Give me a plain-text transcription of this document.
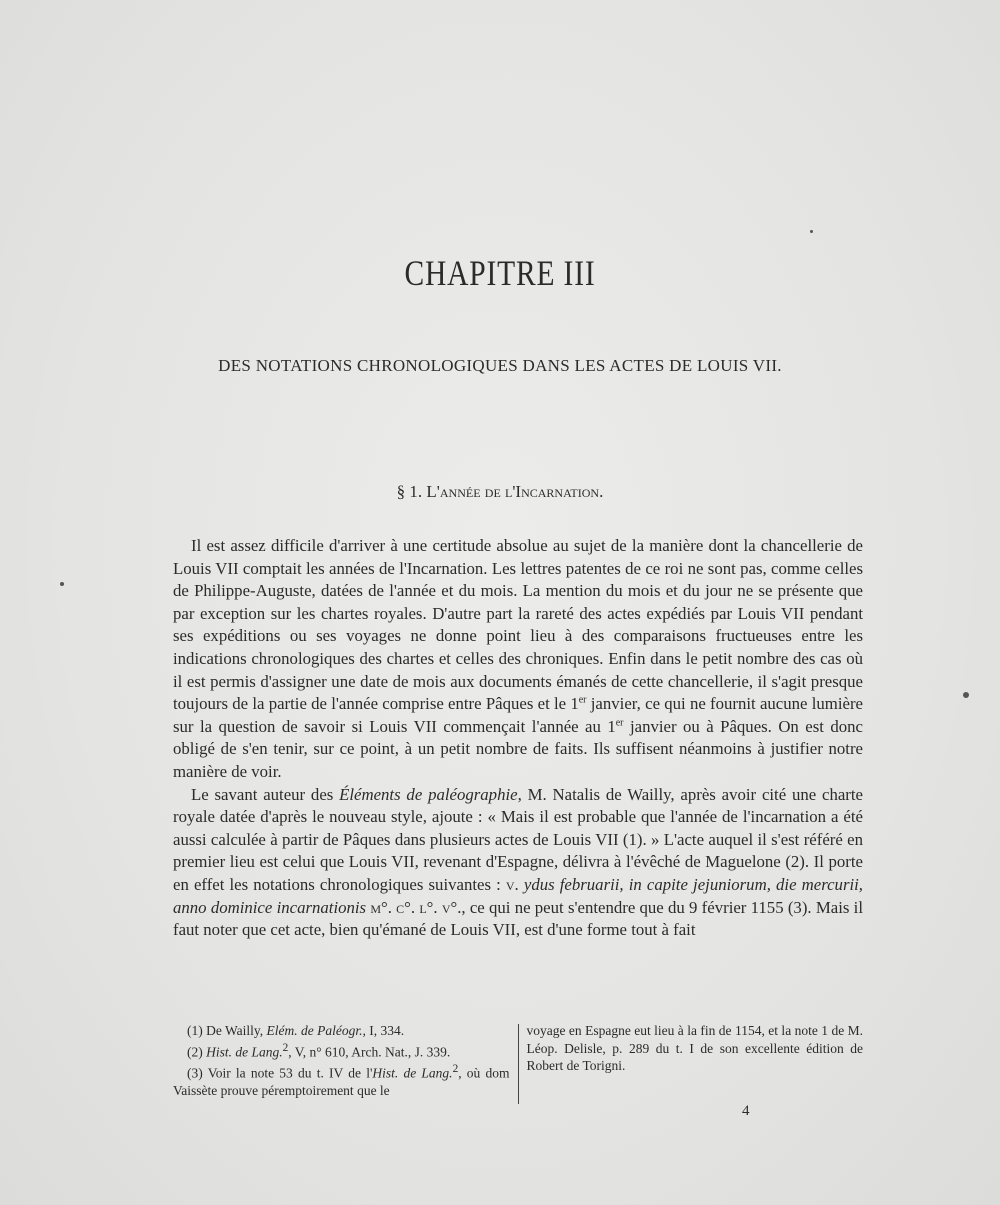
CHAPITRE III
DES NOTATIONS CHRONOLOGIQUES DANS LES ACTES DE LOUIS VII.
§ 1. L'année de l'Incarnation.

Il est assez difficile d'arriver à une certitude absolue au sujet de la manière dont la chancellerie de Louis VII comptait les années de l'Incarnation. Les lettres patentes de ce roi ne sont pas, comme celles de Philippe-Auguste, datées de l'année et du mois. La mention du mois et du jour ne se présente que par exception sur les chartes royales. D'autre part la rareté des actes expédiés par Louis VII pendant ses expéditions ou ses voyages ne donne point lieu à des comparaisons fructueuses entre les indications chronologiques des chartes et celles des chroniques. Enfin dans le petit nombre des cas où il est permis d'assigner une date de mois aux documents émanés de cette chancellerie, il s'agit presque toujours de la partie de l'année comprise entre Pâques et le 1er janvier, ce qui ne fournit aucune lumière sur la question de savoir si Louis VII commençait l'année au 1er janvier ou à Pâques. On est donc obligé de s'en tenir, sur ce point, à un petit nombre de faits. Ils suffisent néanmoins à justifier notre manière de voir.

Le savant auteur des Éléments de paléographie, M. Natalis de Wailly, après avoir cité une charte royale datée d'après le nouveau style, ajoute : « Mais il est probable que l'année de l'incarnation a été aussi calculée à partir de Pâques dans plusieurs actes de Louis VII (1). » L'acte auquel il s'est référé en premier lieu est celui que Louis VII, revenant d'Espagne, délivra à l'évêché de Maguelone (2). Il porte en effet les notations chronologiques suivantes : v. ydus februarii, in capite jejuniorum, die mercurii, anno dominice incarnationis m°. c°. l°. v°., ce qui ne peut s'entendre que du 9 février 1155 (3). Mais il faut noter que cet acte, bien qu'émané de Louis VII, est d'une forme tout à fait

(1) De Wailly, Elém. de Paléogr., I, 334.

(2) Hist. de Lang.$^2$, V, n° 610, Arch. Nat., J. 339.

(3) Voir la note 53 du t. IV de l'Hist. de Lang.$^2$, où dom Vaissète prouve péremptoirement que le

voyage en Espagne eut lieu à la fin de 1154, et la note 1 de M. Léop. Delisle, p. 289 du t. I de son excellente édition de Robert de Torigni.

4
